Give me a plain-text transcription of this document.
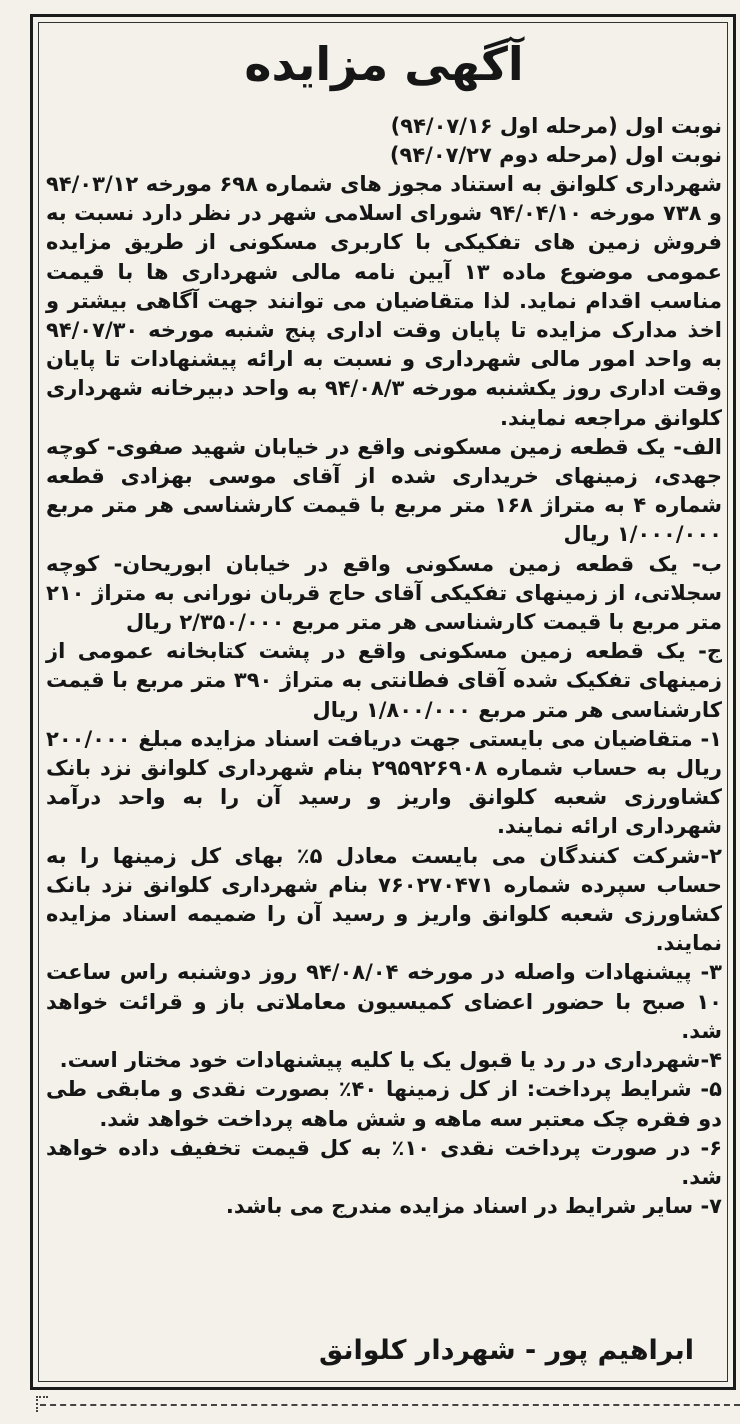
آگهی مزایده
نوبت اول (مرحله اول ۹۴/۰۷/۱۶)
نوبت اول (مرحله دوم ۹۴/۰۷/۲۷)
شهرداری کلوانق به استناد مجوز های شماره ۶۹۸ مورخه ۹۴/۰۳/۱۲ و ۷۳۸ مورخه ۹۴/۰۴/۱۰ شورای اسلامی شهر در نظر دارد نسبت به فروش زمین های تفکیکی با کاربری مسکونی از طریق مزایده عمومی موضوع ماده ۱۳ آیین نامه مالی شهرداری ها با قیمت مناسب اقدام نماید. لذا متقاضیان می توانند جهت آگاهی بیشتر و اخذ مدارک مزایده تا پایان وقت اداری پنج شنبه مورخه ۹۴/۰۷/۳۰ به واحد امور مالی شهرداری و نسبت به ارائه پیشنهادات تا پایان وقت اداری روز یکشنبه مورخه ۹۴/۰۸/۳ به واحد دبیرخانه شهرداری کلوانق مراجعه نمایند.
الف- یک قطعه زمین مسکونی واقع در خیابان شهید صفوی- کوچه جهدی، زمینهای خریداری شده از آقای موسی بهزادی قطعه شماره ۴ به متراژ ۱۶۸ متر مربع با قیمت کارشناسی هر متر مربع ۱/۰۰۰/۰۰۰ ریال
ب- یک قطعه زمین مسکونی واقع در خیابان ابوریحان- کوچه سجلاتی، از زمینهای تفکیکی آقای حاج قربان نورانی به متراژ ۲۱۰ متر مربع با قیمت کارشناسی هر متر مربع ۲/۳۵۰/۰۰۰ ریال
ج- یک قطعه زمین مسکونی واقع در پشت کتابخانه عمومی از زمینهای تفکیک شده آقای فطانتی به متراژ ۳۹۰ متر مربع با قیمت کارشناسی هر متر مربع ۱/۸۰۰/۰۰۰ ریال
۱- متقاضیان می بایستی جهت دریافت اسناد مزایده مبلغ ۲۰۰/۰۰۰ ریال به حساب شماره ۲۹۵۹۲۶۹۰۸ بنام شهرداری کلوانق نزد بانک کشاورزی شعبه کلوانق واریز و رسید آن را به واحد درآمد شهرداری ارائه نمایند.
۲-شرکت کنندگان می بایست معادل ۵٪ بهای کل زمینها را به حساب سپرده شماره ۷۶۰۲۷۰۴۷۱ بنام شهرداری کلوانق نزد بانک کشاورزی شعبه کلوانق واریز و رسید آن را ضمیمه اسناد مزایده نمایند.
۳- پیشنهادات واصله در مورخه ۹۴/۰۸/۰۴ روز دوشنبه راس ساعت ۱۰ صبح با حضور اعضای کمیسیون معاملاتی باز و قرائت خواهد شد.
۴-شهرداری در رد یا قبول یک یا کلیه پیشنهادات خود مختار است.
۵- شرایط پرداخت: از کل زمینها ۴۰٪ بصورت نقدی و مابقی طی دو فقره چک معتبر سه ماهه و شش ماهه پرداخت خواهد شد.
۶- در صورت پرداخت نقدی ۱۰٪ به کل قیمت تخفیف داده خواهد شد.
۷- سایر شرایط در اسناد مزایده مندرج می باشد.
ابراهیم پور - شهردار کلوانق
